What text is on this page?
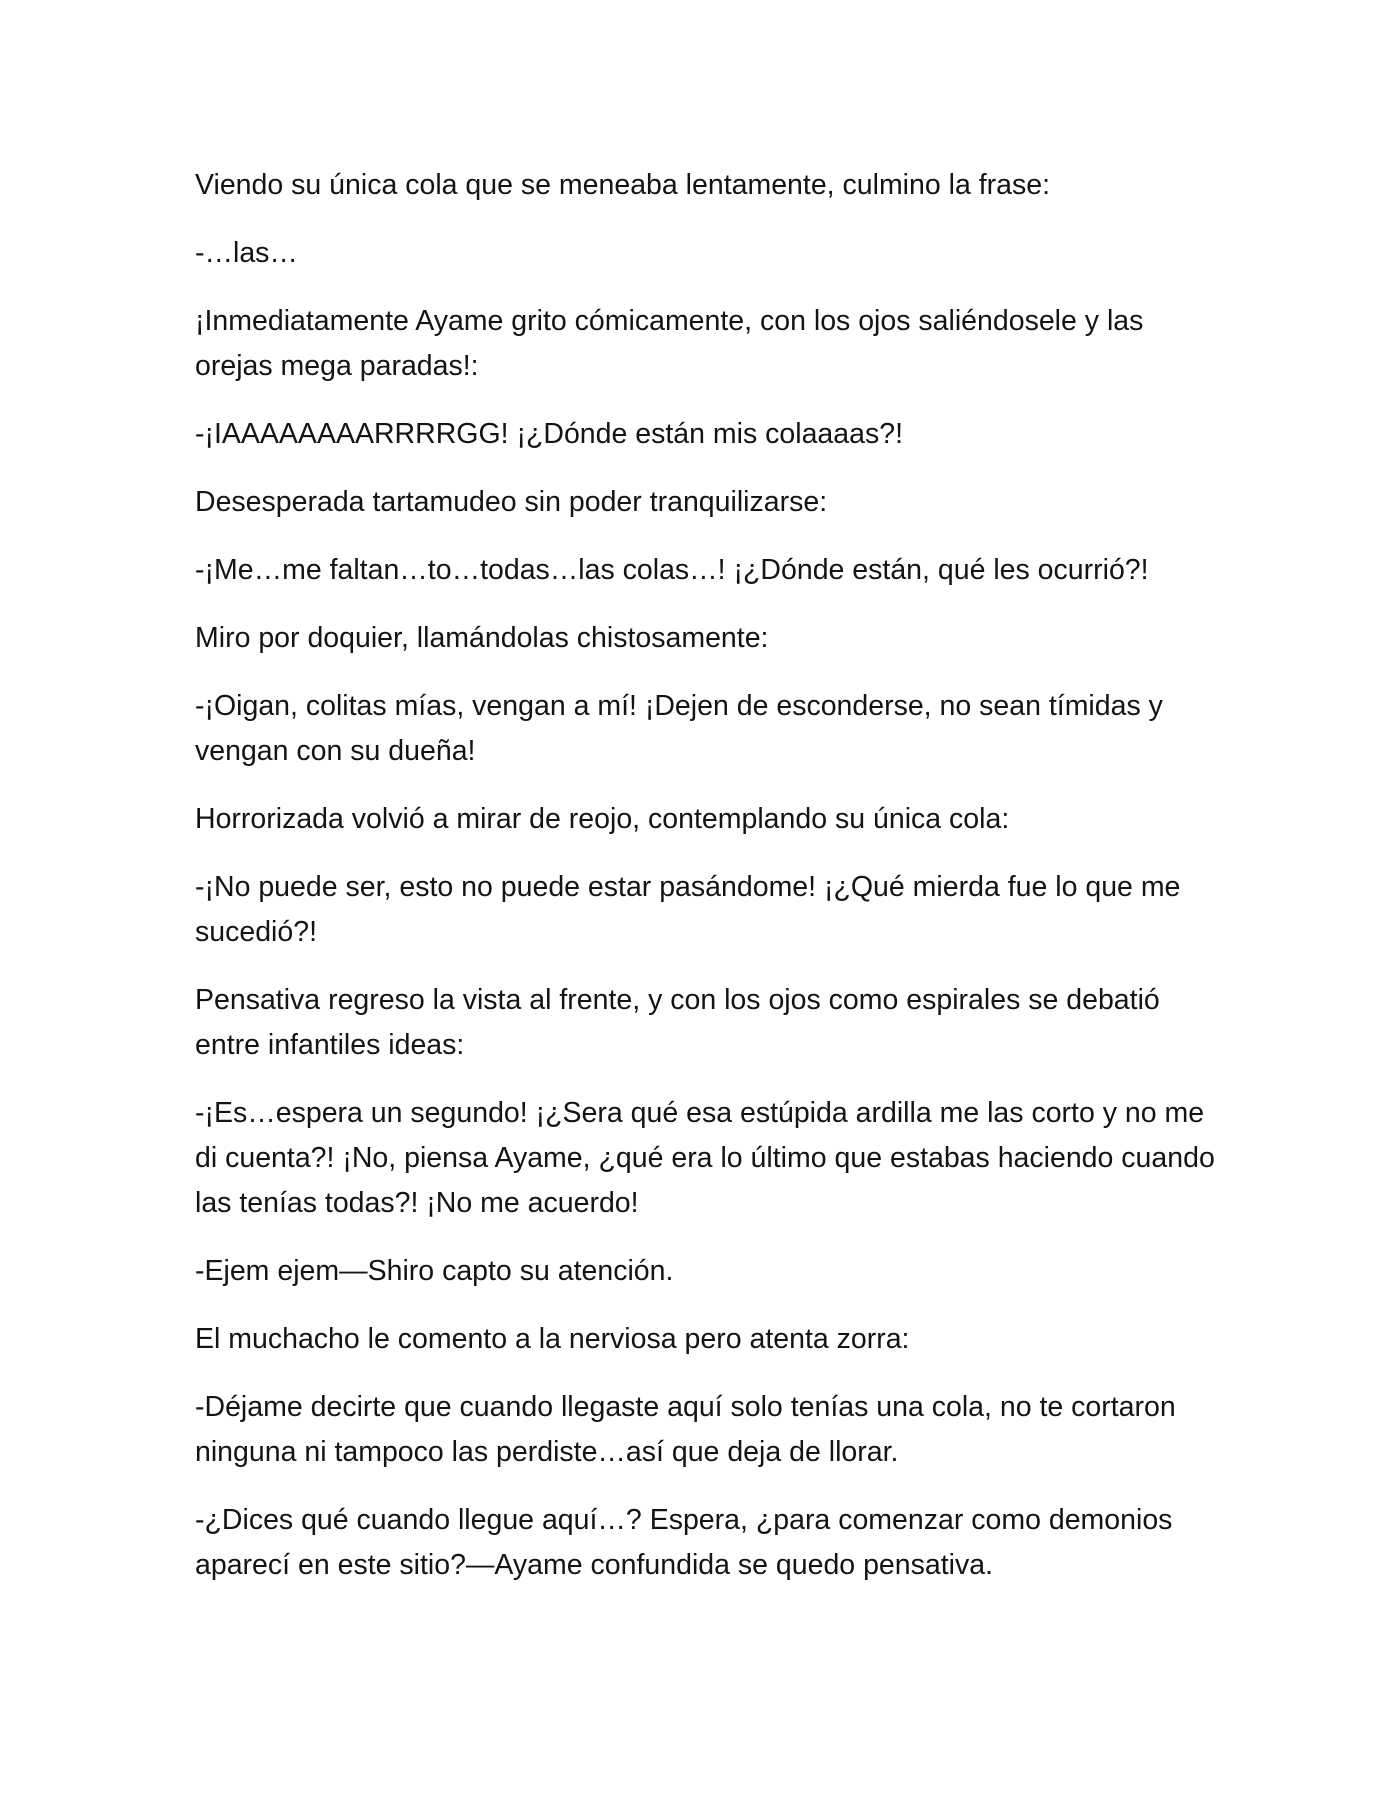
Viendo su única cola que se meneaba lentamente, culmino la frase:

-…las…

¡Inmediatamente Ayame grito cómicamente, con los ojos saliéndosele y las orejas mega paradas!:

-¡IAAAAAAAARRRRGG! ¡¿Dónde están mis colaaaas?!

Desesperada tartamudeo sin poder tranquilizarse:

-¡Me…me faltan…to…todas…las colas…! ¡¿Dónde están, qué les ocurrió?!

Miro por doquier, llamándolas chistosamente:

-¡Oigan, colitas mías, vengan a mí! ¡Dejen de esconderse, no sean tímidas y vengan con su dueña!

Horrorizada volvió a mirar de reojo, contemplando su única cola:

-¡No puede ser, esto no puede estar pasándome! ¡¿Qué mierda fue lo que me sucedió?!

Pensativa regreso la vista al frente, y con los ojos como espirales se debatió entre infantiles ideas:

-¡Es…espera un segundo! ¡¿Sera qué esa estúpida ardilla me las corto y no me di cuenta?! ¡No, piensa Ayame, ¿qué era lo último que estabas haciendo cuando las tenías todas?! ¡No me acuerdo!

-Ejem ejem—Shiro capto su atención.

El muchacho le comento a la nerviosa pero atenta zorra:

-Déjame decirte que cuando llegaste aquí solo tenías una cola, no te cortaron ninguna ni tampoco las perdiste…así que deja de llorar.

-¿Dices qué cuando llegue aquí…? Espera, ¿para comenzar como demonios aparecí en este sitio?—Ayame confundida se quedo pensativa.
